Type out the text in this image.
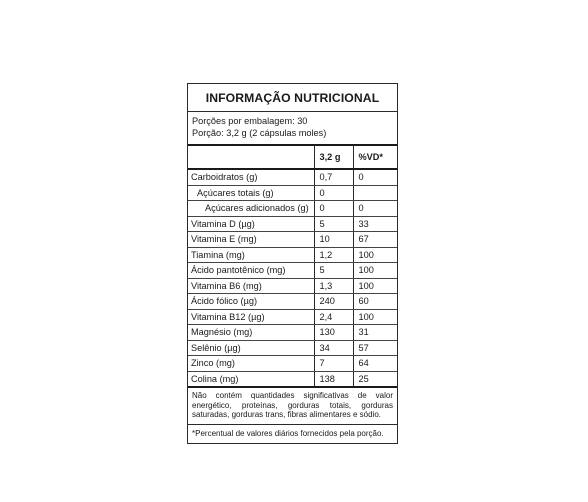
INFORMAÇÃO NUTRICIONAL
Porções por embalagem: 30
Porção: 3,2 g (2 cápsulas moles)
	3,2 g	%VD*
Carboidratos (g)	0,7	0
Açúcares totais (g)	0	
Açúcares adicionados (g)	0	0
Vitamina D (µg)	5	33
Vitamina E (mg)	10	67
Tiamina (mg)	1,2	100
Ácido pantotênico (mg)	5	100
Vitamina B6 (mg)	1,3	100
Ácido fólico (µg)	240	60
Vitamina B12 (µg)	2,4	100
Magnésio (mg)	130	31
Selênio (µg)	34	57
Zinco (mg)	7	64
Colina (mg)	138	25
Não contém quantidades significativas de valor energético, proteínas, gorduras totais, gorduras saturadas, gorduras trans, fibras alimentares e sódio.
*Percentual de valores diários fornecidos pela porção.
